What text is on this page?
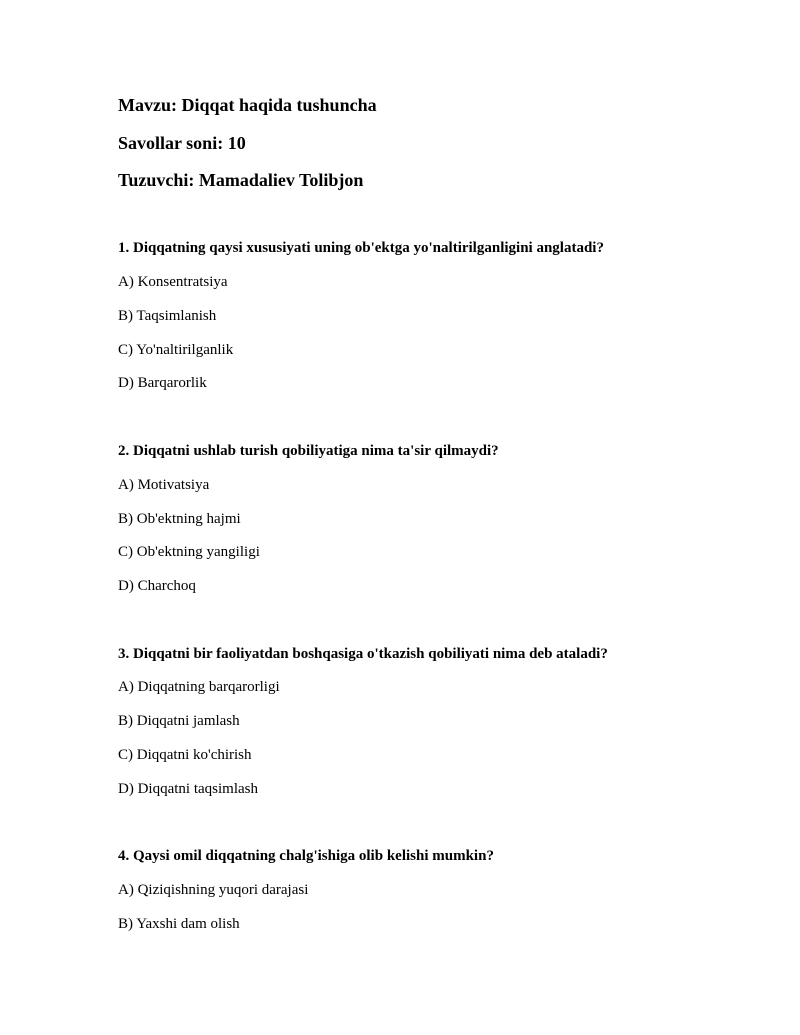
Mavzu: Diqqat haqida tushuncha
Savollar soni: 10
Tuzuvchi: Mamadaliev Tolibjon
1. Diqqatning qaysi xususiyati uning ob'ektga yo'naltirilganligini anglatadi?
A) Konsentratsiya
B) Taqsimlanish
C) Yo'naltirilganlik
D) Barqarorlik
2. Diqqatni ushlab turish qobiliyatiga nima ta'sir qilmaydi?
A) Motivatsiya
B) Ob'ektning hajmi
C) Ob'ektning yangiligi
D) Charchoq
3. Diqqatni bir faoliyatdan boshqasiga o'tkazish qobiliyati nima deb ataladi?
A) Diqqatning barqarorligi
B) Diqqatni jamlash
C) Diqqatni ko'chirish
D) Diqqatni taqsimlash
4. Qaysi omil diqqatning chalg'ishiga olib kelishi mumkin?
A) Qiziqishning yuqori darajasi
B) Yaxshi dam olish
